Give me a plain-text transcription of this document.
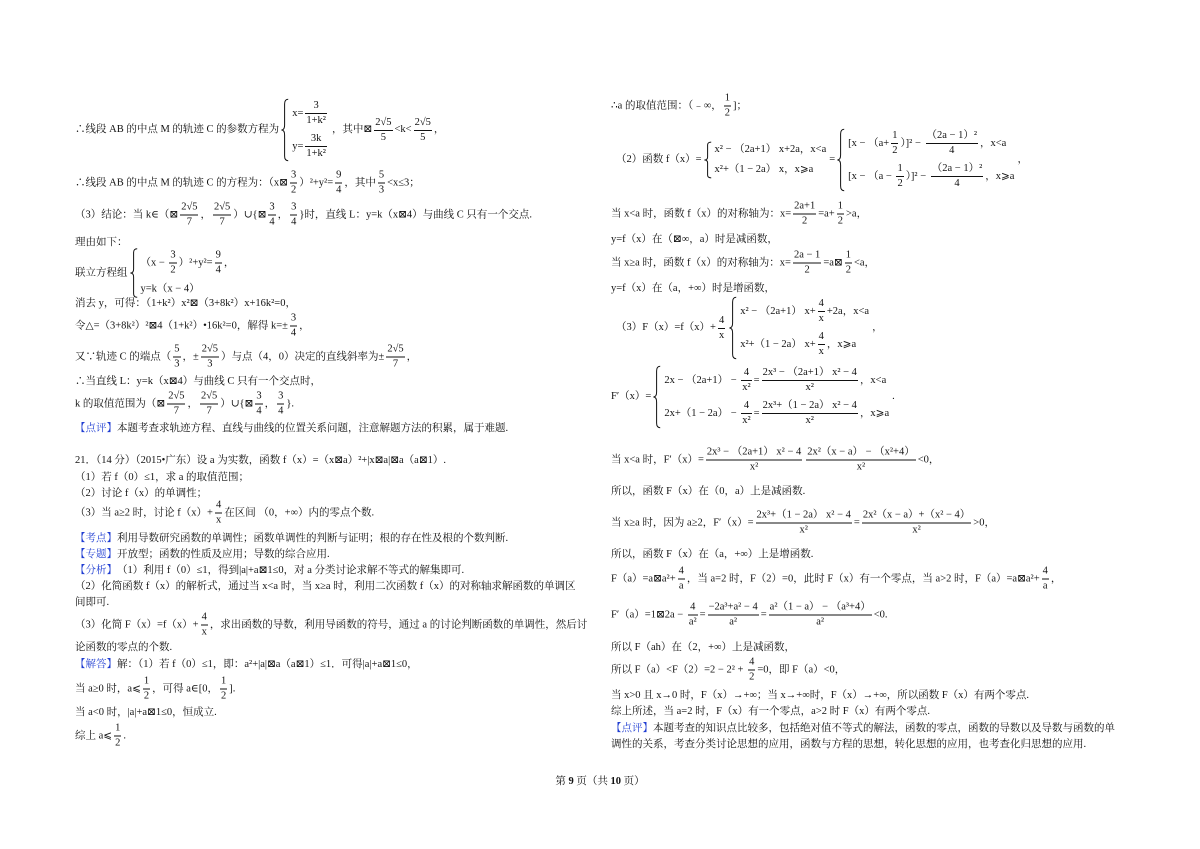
∴线段 AB 的中点 M 的轨迹 C 的参数方程为
$x= \frac{3}{\text{1+k²}}$
$y= \frac{3k}{\text{1+k²}}$
，其中⊠ $\frac{2√5}{5} <k< \frac{2√5}{5}$ ，
∴线段 AB 的中点 M 的轨迹 C 的方程为：（x⊠ $\frac{3}{2} )^2+y^2= \frac{9}{4}$ ，其中 $\frac{5}{3} <x\le 3$；
（3）结论：当 k∈（⊠ $\frac{2√5}{7}$ ， $\frac{2√5}{7}$ ）∪{⊠ $\frac{3}{4}$ ， $\frac{3}{4}$ }时，直线 L：y=k（x⊠4）与曲线 C 只有一个交点.
理由如下：
联立方程组
$(x - \frac{3}{2} )^2+y^2= \frac{9}{4}$ ，
y=k（x − 4）
消去 y，可得：（1+k²）x²⊠（3+8k²）x+16k²=0，
令△=（3+8k²）²⊠4（1+k²）•16k²=0，解得 $k=\pm \frac{3}{4}$ ，
又∵轨迹 C 的端点（ $\frac{5}{3}$ ，± $\frac{2√5}{3}$ ）与点（4，0）决定的直线斜率为± $\frac{2√5}{7}$ ，
∴当直线 L：y=k（x⊠4）与曲线 C 只有一个交点时，
k 的取值范围为（⊠ $\frac{2√5}{7}$ ， $\frac{2√5}{7}$ ）∪{⊠ $\frac{3}{4}$ ， $\frac{3}{4}$ }.
【点评】 本题考查求轨迹方程、直线与曲线的位置关系问题，注意解题方法的积累，属于难题.
21．（14 分）（2015•广东）设 a 为实数，函数 f（x）=（x⊠a）²+|x⊠a|⊠a（a⊠1）.
（1）若 f（0）≤1，求 a 的取值范围；
（2）讨论 f（x）的单调性；
（3）当 a≥2 时，讨论 $f(x)+ \frac{4}{x}$ 在区间 （0，+∞）内的零点个数.
【考点】 利用导数研究函数的单调性；函数单调性的判断与证明；根的存在性及根的个数判断.
【专题】 开放型；函数的性质及应用；导数的综合应用.
【分析】 （1）利用 f（0）≤1，得到|a|+a⊠1≤0，对 a 分类讨论求解不等式的解集即可.
（2）化简函数 f（x）的解析式，通过当 x<a 时，当 x≥a 时，利用二次函数 f（x）的对称轴求解函数的单调区
间即可.
（3）化简 $F(x)=f(x)+ \frac{4}{x}$ ，求出函数的导数，利用导函数的符号，通过 a 的讨论判断函数的单调性，然后讨
论函数的零点的个数.
【解答】 解：（1）若 f（0）≤1，即：a²+|a|⊠a（a⊠1）≤1．可得|a|+a⊠1≤0，
当 a≥0 时，a⩽ $\frac{1}{2}$ ，可得 a∈[0， $\frac{1}{2}$ ].
当 a<0 时，|a|+a⊠1≤0，恒成立.
综上 a⩽ $\frac{1}{2}$ .
∴a 的取值范围：（﹣∞， $\frac{1}{2}$ ]；
（2）函数 f（x）=
x² − （2a+1） x+2a，x<a
x²+（1 − 2a） x，x⩾a
=
$[x - (a+ \frac{1}{2} )]^2 - \frac{\text{（2a − 1）²}}{4}$ ，x<a
$[x - (a - \frac{1}{2} )]^2 - \frac{\text{（2a − 1）²}}{4}$ ，x⩾a
，
当 x<a 时，函数 f（x）的对称轴为：$x= \frac{2a+1}{2} =a+ \frac{1}{2} >a$，
y=f（x）在（⊠∞，a）时是减函数，
当 x≥a 时，函数 f（x）的对称轴为：$x= \frac{2a - 1}{2}$ =a⊠ $\frac{1}{2} <a$，
y=f（x）在（a，+∞）时是增函数，
$(3)F(x)=f(x)+ \frac{4}{x}$
x² − （2a+1） $x+ \frac{4}{x} +2a$，x<a
x²+（1 − 2a） $x+ \frac{4}{x}$ ，x⩾a
，
F′（x）=
$2x - (2a+1) - \frac{4}{\text{x²}} = \frac{\text{2x³ − （2a+1） x² − 4}}{\text{x²}}$ ，x<a
$2x+(1 - 2a) - \frac{4}{\text{x²}} = \frac{\text{2x³+（1 − 2a） x² − 4}}{\text{x²}}$ ，x⩾a
.
当 x<a 时，$F'(x)= \frac{\text{2x³ − （2a+1） x² − 4}}{\text{x²}} \frac{\text{2x²（x − a） − （x²+4）}}{\text{x²}} <0$，
所以，函数 F（x）在（0，a）上是减函数.
当 x≥a 时，因为 a≥2，$F'(x)= \frac{\text{2x³+（1 − 2a） x² − 4}}{\text{x²}} = \frac{\text{2x²（x − a）+（x² − 4）}}{\text{x²}} >0$，
所以，函数 F（x）在（a，+∞）上是增函数.
F（a）=a⊠a²+ $\frac{4}{a}$ ，当 a=2 时，F（2）=0，此时 F（x）有一个零点，当 a>2 时，F（a）=a⊠a²+ $\frac{4}{a}$ ，
F′（a）=1⊠2a − $\frac{4}{\text{a²}} = \frac{\text{−2a³+a² − 4}}{\text{a²}} = \frac{\text{a²（1 − a） − （a³+4）}}{\text{a²}} <0$.
所以 F（ah）在（2，+∞）上是减函数，
所以 $F(a)<F(2)=2 - 2^2 + \frac{4}{2} =0$，即 F（a）<0，
当 x>0 且 x→0 时，F（x）→+∞；当 x→+∞时，F（x）→+∞，所以函数 F（x）有两个零点.
综上所述，当 a=2 时，F（x）有一个零点，a>2 时 F（x）有两个零点.
【点评】 本题考查的知识点比较多，包括绝对值不等式的解法，函数的零点，函数的导数以及导数与函数的单
调性的关系，考查分类讨论思想的应用，函数与方程的思想，转化思想的应用，也考查化归思想的应用.
第 9 页（共 10 页）
